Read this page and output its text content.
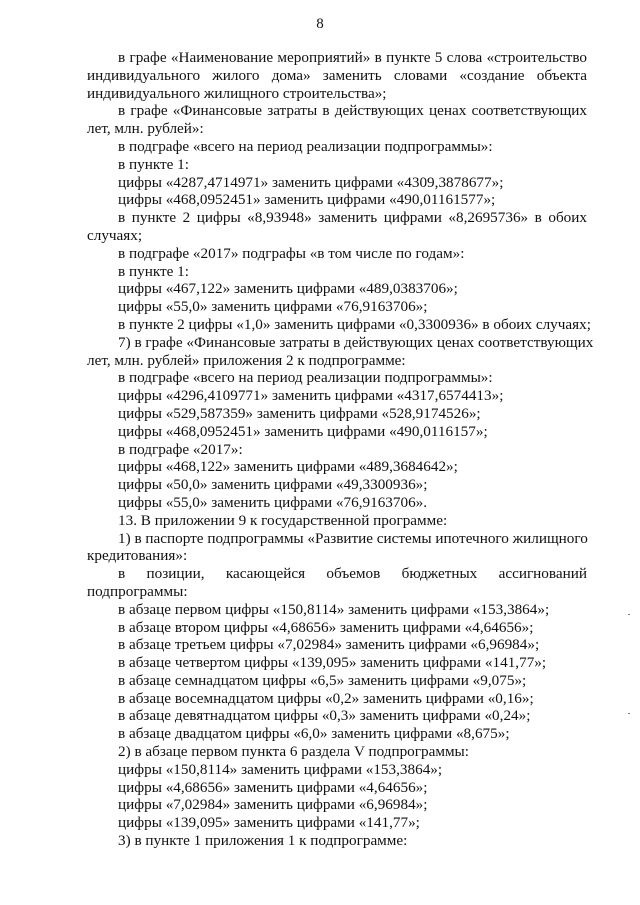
8
в графе «Наименование мероприятий» в пункте 5 слова «строительство
индивидуального жилого дома» заменить словами «создание объекта
индивидуального жилищного строительства»;
в графе «Финансовые затраты в действующих ценах соответствующих
лет, млн. рублей»:
в подграфе «всего на период реализации подпрограммы»:
в пункте 1:
цифры «4287,4714971» заменить цифрами «4309,3878677»;
цифры «468,0952451» заменить цифрами «490,01161577»;
в пункте 2 цифры «8,93948» заменить цифрами «8,2695736» в обоих
случаях;
в подграфе «2017» подграфы «в том числе по годам»:
в пункте 1:
цифры «467,122» заменить цифрами «489,0383706»;
цифры «55,0» заменить цифрами «76,9163706»;
в пункте 2 цифры «1,0» заменить цифрами «0,3300936» в обоих случаях;
7) в графе «Финансовые затраты в действующих ценах соответствующих
лет, млн. рублей» приложения 2 к подпрограмме:
в подграфе «всего на период реализации подпрограммы»:
цифры «4296,4109771» заменить цифрами «4317,6574413»;
цифры «529,587359» заменить цифрами «528,9174526»;
цифры «468,0952451» заменить цифрами «490,0116157»;
в подграфе «2017»:
цифры «468,122» заменить цифрами «489,3684642»;
цифры «50,0» заменить цифрами «49,3300936»;
цифры «55,0» заменить цифрами «76,9163706».
13. В приложении 9 к государственной программе:
1) в паспорте подпрограммы «Развитие системы ипотечного жилищного
кредитования»:
в позиции, касающейся объемов бюджетных ассигнований
подпрограммы:
в абзаце первом цифры «150,8114» заменить цифрами «153,3864»;
в абзаце втором цифры «4,68656» заменить цифрами «4,64656»;
в абзаце третьем цифры «7,02984» заменить цифрами «6,96984»;
в абзаце четвертом цифры «139,095» заменить цифрами «141,77»;
в абзаце семнадцатом цифры «6,5» заменить цифрами «9,075»;
в абзаце восемнадцатом цифры «0,2» заменить цифрами «0,16»;
в абзаце девятнадцатом цифры «0,3» заменить цифрами «0,24»;
в абзаце двадцатом цифры «6,0» заменить цифрами «8,675»;
2) в абзаце первом пункта 6 раздела V подпрограммы:
цифры «150,8114» заменить цифрами «153,3864»;
цифры «4,68656» заменить цифрами «4,64656»;
цифры «7,02984» заменить цифрами «6,96984»;
цифры «139,095» заменить цифрами «141,77»;
3) в пункте 1 приложения 1 к подпрограмме:
